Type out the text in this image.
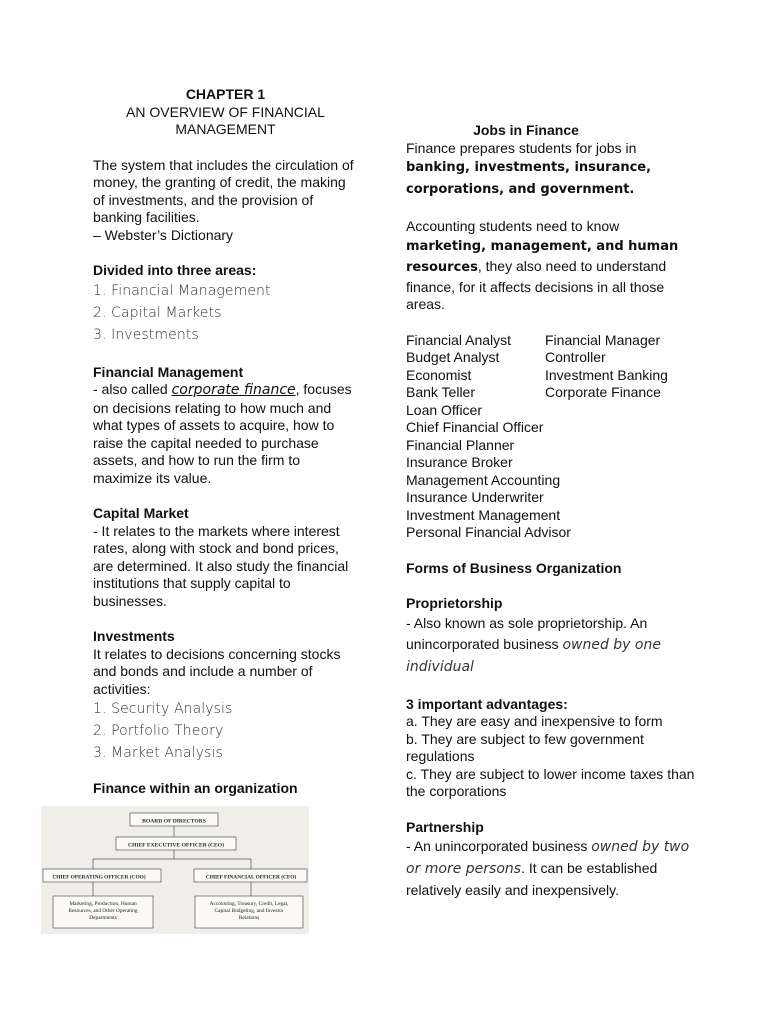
CHAPTER 1
AN OVERVIEW OF FINANCIAL
MANAGEMENT
The system that includes the circulation of money, the granting of credit, the making of investments, and the provision of banking facilities.
– Webster’s Dictionary
Divided into three areas:
1. Financial Management
2. Capital Markets
3. Investments
Financial Management
- also called corporate finance, focuses on decisions relating to how much and what types of assets to acquire, how to raise the capital needed to purchase assets, and how to run the firm to maximize its value.
Capital Market
- It relates to the markets where interest rates, along with stock and bond prices, are determined. It also study the financial institutions that supply capital to businesses.
Investments
It relates to decisions concerning stocks and bonds and include a number of activities:
1. Security Analysis
2. Portfolio Theory
3. Market Analysis
Finance within an organization
BOARD OF DIRECTORS
CHIEF EXECUTIVE OFFICER (CEO)
CHIEF OPERATING OFFICER (COO)	CHIEF FINANCIAL OFFICER (CFO)
Marketing, Production, Human
Resources, and Other Operating
Departments
Accounting, Treasury, Credit, Legal,
Capital Budgeting, and Investor
Relations
Jobs in Finance
Finance prepares students for jobs in
banking, investments, insurance, corporations, and government.
Accounting students need to know
marketing, management, and human resources, they also need to understand finance, for it affects decisions in all those areas.
Financial Analyst	Financial Manager
Budget Analyst	Controller
Economist	Investment Banking
Bank Teller	Corporate Finance
Loan Officer
Chief Financial Officer
Financial Planner
Insurance Broker
Management Accounting
Insurance Underwriter
Investment Management
Personal Financial Advisor
Forms of Business Organization
Proprietorship
- Also known as sole proprietorship. An unincorporated business owned by one individual
3 important advantages:
a. They are easy and inexpensive to form
b. They are subject to few government regulations
c. They are subject to lower income taxes than the corporations
Partnership
- An unincorporated business owned by two or more persons. It can be established relatively easily and inexpensively.
